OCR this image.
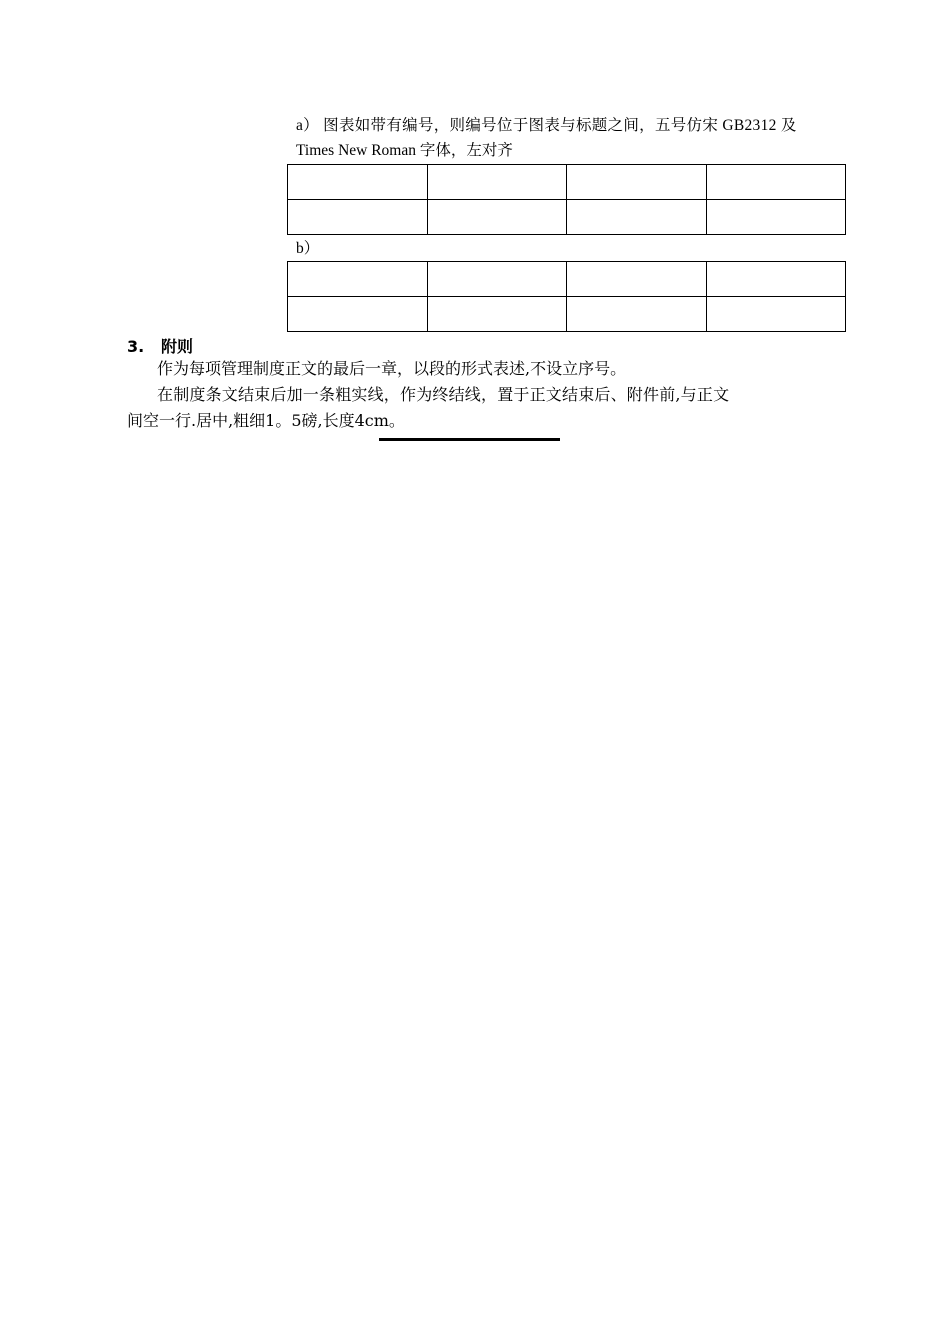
a） 图表如带有编号，则编号位于图表与标题之间，五号仿宋 GB2312 及
Times New Roman 字体，左对齐

b）

3. 附则
作为每项管理制度正文的最后一章，以段的形式表述,不设立序号。
在制度条文结束后加一条粗实线，作为终结线，置于正文结束后、附件前,与正文
间空一行.居中,粗细1。5磅,长度4cm。
